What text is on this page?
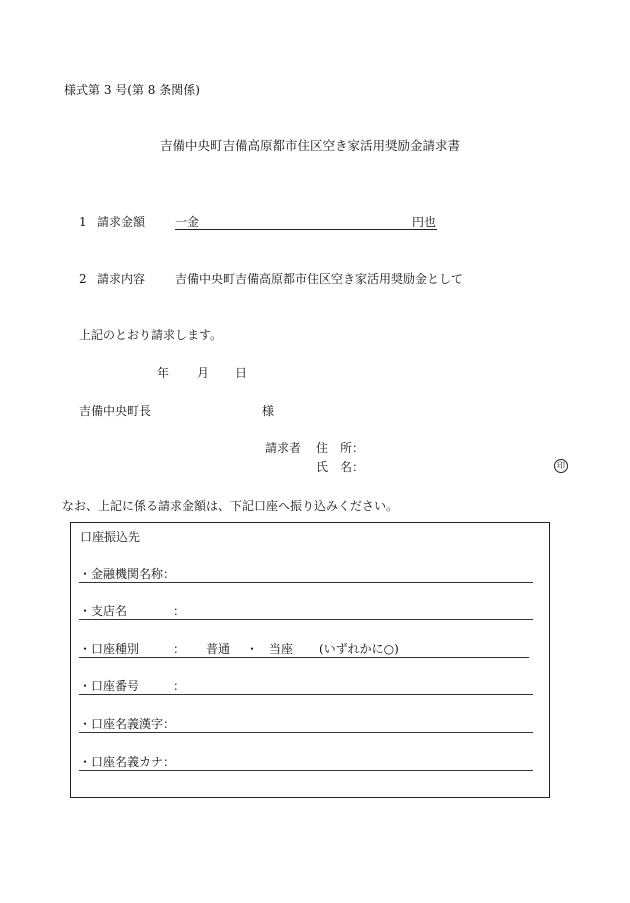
様式第 3 号(第 8 条関係)
吉備中央町吉備高原都市住区空き家活用奨励金請求書
1 請求金額 一金	円也
2 請求内容 吉備中央町吉備高原都市住区空き家活用奨励金として
上記のとおり請求します。
年 月 日
吉備中央町長	様
請求者 住　所：
氏　名：	印
なお、上記に係る請求金額は、下記口座へ振り込みください。
口座振込先
・金融機関名称：
・支店名	：
・口座種別	： 普通 ・ 当座 (いずれかに○)
・口座番号	：
・口座名義漢字：
・口座名義カナ：
